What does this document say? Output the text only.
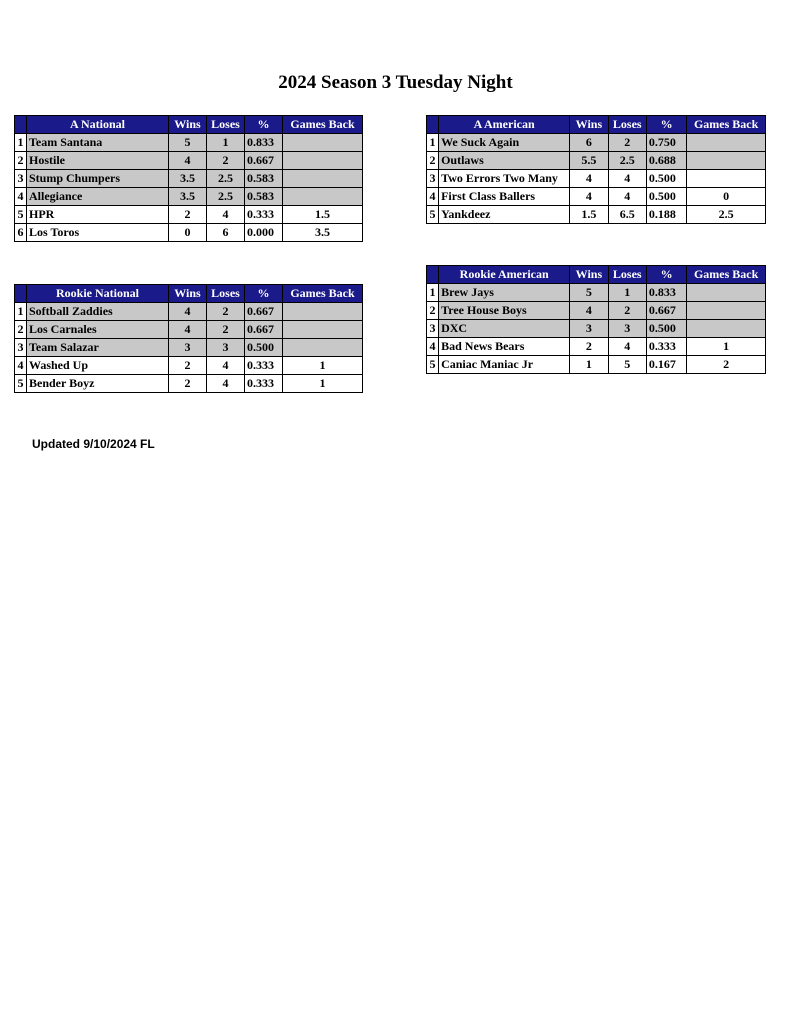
2024 Season 3 Tuesday Night
	A National	Wins	Loses	%	Games Back
1	Team Santana	5	1	0.833	
2	Hostile	4	2	0.667	
3	Stump Chumpers	3.5	2.5	0.583	
4	Allegiance	3.5	2.5	0.583	
5	HPR	2	4	0.333	1.5
6	Los Toros	0	6	0.000	3.5
	A American	Wins	Loses	%	Games Back
1	We Suck Again	6	2	0.750	
2	Outlaws	5.5	2.5	0.688	
3	Two Errors Two Many	4	4	0.500	
4	First Class Ballers	4	4	0.500	0
5	Yankdeez	1.5	6.5	0.188	2.5
	Rookie National	Wins	Loses	%	Games Back
1	Softball Zaddies	4	2	0.667	
2	Los Carnales	4	2	0.667	
3	Team Salazar	3	3	0.500	
4	Washed Up	2	4	0.333	1
5	Bender Boyz	2	4	0.333	1
	Rookie American	Wins	Loses	%	Games Back
1	Brew Jays	5	1	0.833	
2	Tree House Boys	4	2	0.667	
3	DXC	3	3	0.500	
4	Bad News Bears	2	4	0.333	1
5	Caniac Maniac Jr	1	5	0.167	2
Updated 9/10/2024 FL
